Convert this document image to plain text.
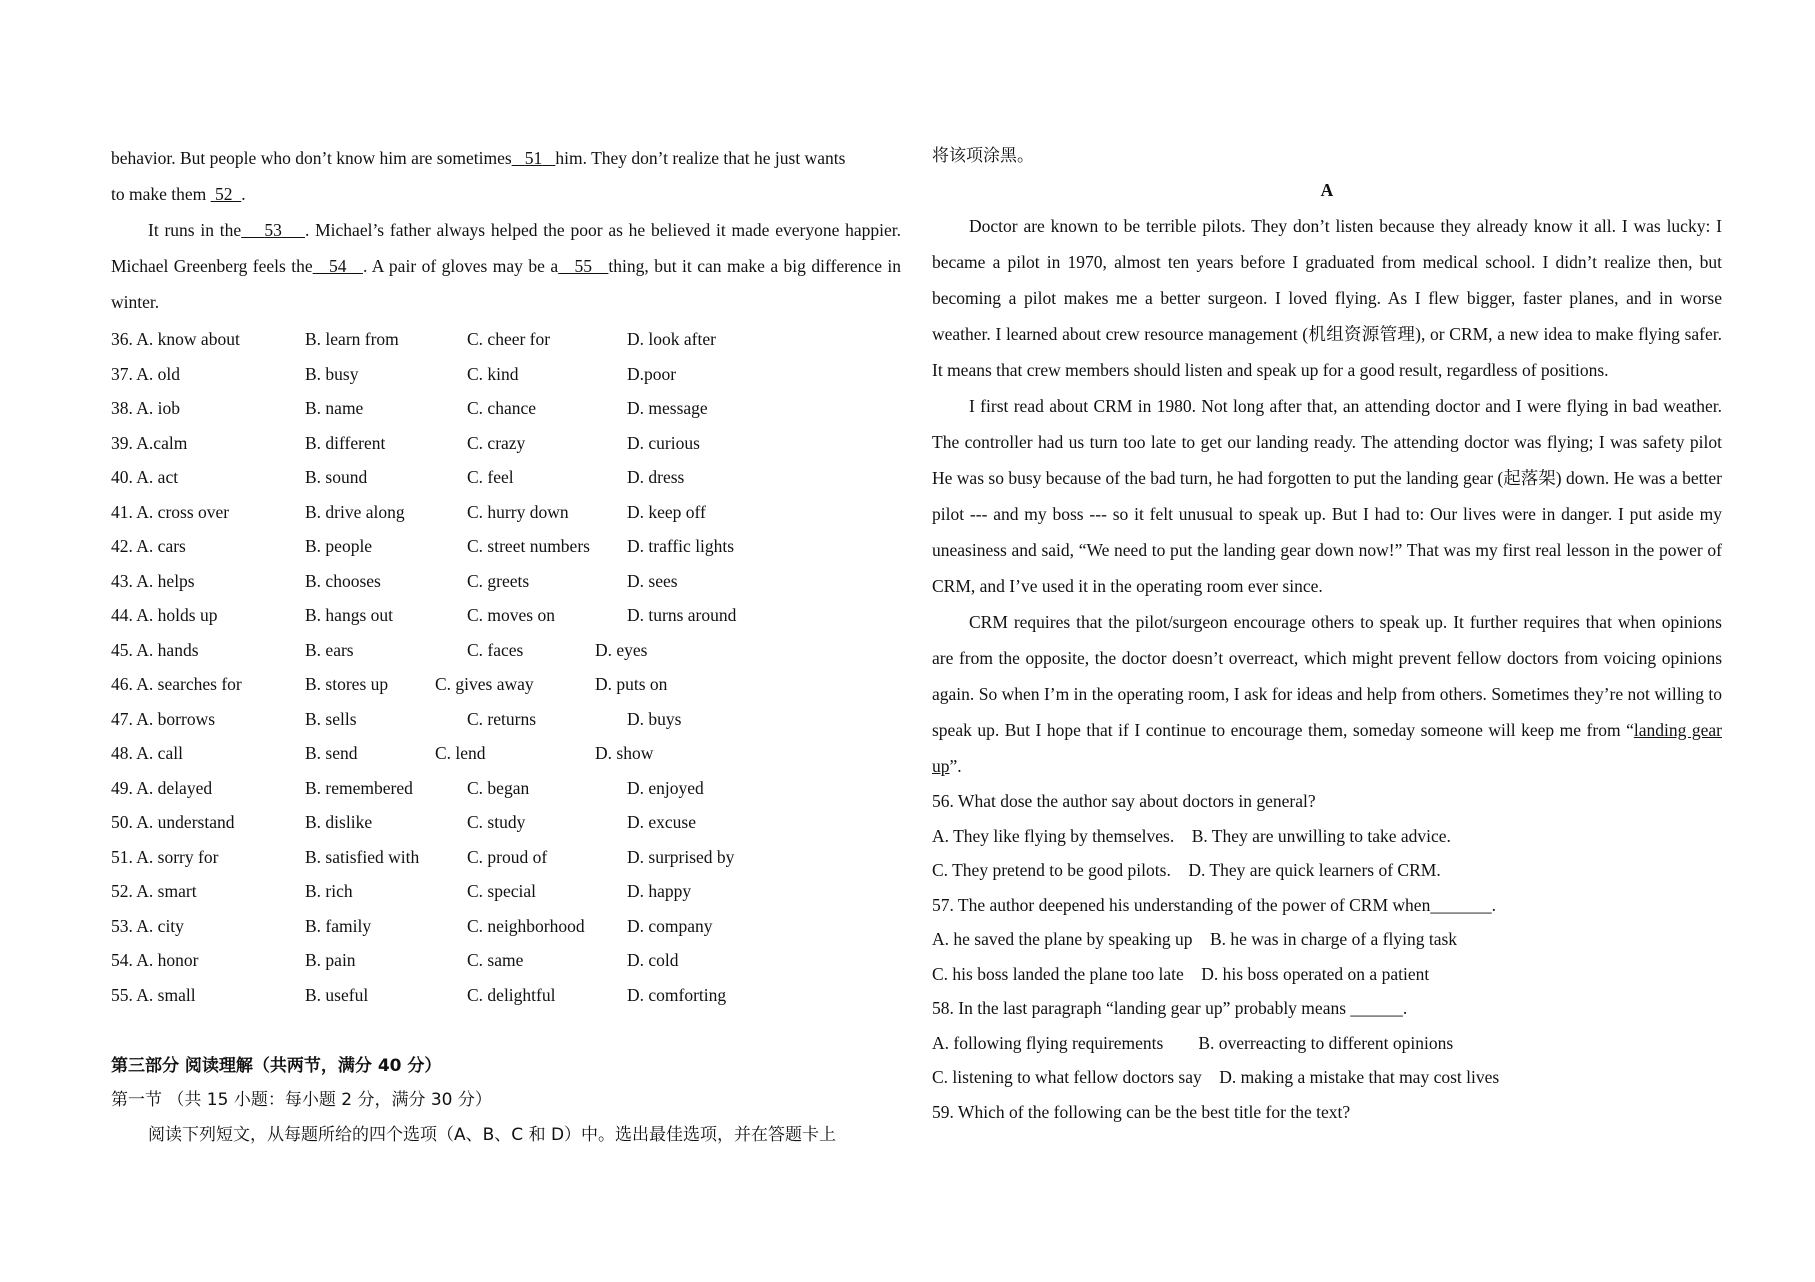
behavior. But people who don’t know him are sometimes 51 him. They don’t realize that he just wants
to make them  52 .
It runs in the 53 . Michael’s father always helped the poor as he believed it made everyone happier. Michael Greenberg feels the 54 . A pair of gloves may be a 55 thing, but it can make a big difference in winter.
36. A. know about	B. learn from	C. cheer for	D. look after
37. A. old	B. busy	C. kind	D.poor
38. A. iob	B. name	C. chance	D. message
39. A.calm	B. different	C. crazy	D. curious
40. A. act	B. sound	C. feel	D. dress
41. A. cross over	B. drive along	C. hurry down	D. keep off
42. A. cars	B. people	C. street numbers D. traffic lights
43. A. helps	B. chooses	C. greets	D. sees
44. A. holds up	B. hangs out	C. moves on	D. turns around
45. A. hands	B. ears	C. faces	D. eyes
46. A. searches for	B. stores up	C. gives away	D. puts on
47. A. borrows	B. sells	C. returns	D. buys
48. A. call	B. send	C. lend	D. show
49. A. delayed	B. remembered	C. began	D. enjoyed
50. A. understand	B. dislike	C. study	D. excuse
51. A. sorry for	B. satisfied with	C. proud of	D. surprised by
52. A. smart	B. rich	C. special	D. happy
53. A. city	B. family	C. neighborhood D. company
54. A. honor	B. pain	C. same	D. cold
55. A. small	B. useful	C. delightful	D. comforting
第三部分 阅读理解（共两节，满分 40 分）
第一节 （共 15 小题：每小题 2 分，满分 30 分）
阅读下列短文，从每题所给的四个选项（A、B、C 和 D）中。选出最佳选项，并在答题卡上
将该项涂黑。
A
Doctor are known to be terrible pilots. They don’t listen because they already know it all. I was lucky: I became a pilot in 1970, almost ten years before I graduated from medical school. I didn’t realize then, but becoming a pilot makes me a better surgeon. I loved flying. As I flew bigger, faster planes, and in worse weather. I learned about crew resource management (机组资源管理), or CRM, a new idea to make flying safer. It means that crew members should listen and speak up for a good result, regardless of positions.
I first read about CRM in 1980. Not long after that, an attending doctor and I were flying in bad weather. The controller had us turn too late to get our landing ready. The attending doctor was flying; I was safety pilot He was so busy because of the bad turn, he had forgotten to put the landing gear (起落架) down. He was a better pilot --- and my boss --- so it felt unusual to speak up. But I had to: Our lives were in danger. I put aside my uneasiness and said, “We need to put the landing gear down now!” That was my first real lesson in the power of CRM, and I’ve used it in the operating room ever since.
CRM requires that the pilot/surgeon encourage others to speak up. It further requires that when opinions are from the opposite, the doctor doesn’t overreact, which might prevent fellow doctors from voicing opinions again. So when I’m in the operating room, I ask for ideas and help from others. Sometimes they’re not willing to speak up. But I hope that if I continue to encourage them, someday someone will keep me from “landing gear up”.
56. What dose the author say about doctors in general?
A. They like flying by themselves.    B. They are unwilling to take advice.
C. They pretend to be good pilots.    D. They are quick learners of CRM.
57. The author deepened his understanding of the power of CRM when_______.
A. he saved the plane by speaking up    B. he was in charge of a flying task
C. his boss landed the plane too late    D. his boss operated on a patient
58. In the last paragraph “landing gear up” probably means ______.
A. following flying requirements        B. overreacting to different opinions
C. listening to what fellow doctors say    D. making a mistake that may cost lives
59. Which of the following can be the best title for the text?
